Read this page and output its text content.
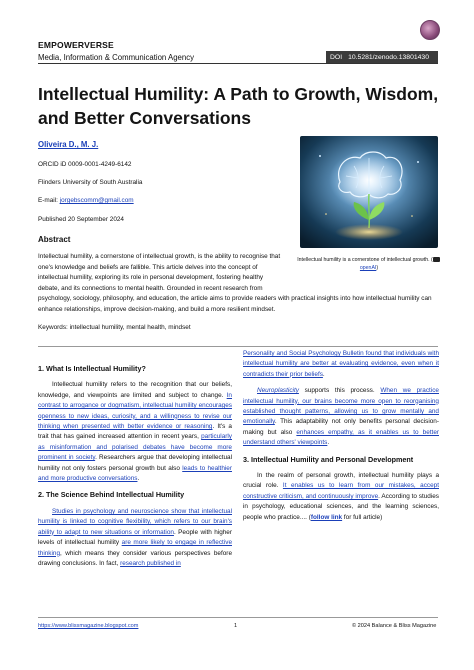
EMPOWERVERSE
Media, Information & Communication Agency	DOI 10.5281/zenodo.13801430
Intellectual Humility: A Path to Growth, Wisdom, and Better Conversations
Oliveira D., M. J.
ORCID iD 0009-0001-4249-6142
Flinders University of South Australia
E-mail: jorgebscomm@gmail.com
Published 20 September 2024
Abstract
Intellectual humility is a cornerstone of intellectual growth. (openAI)
Intellectual humility, a cornerstone of intellectual growth, is the ability to recognise that one's knowledge and beliefs are fallible. This article delves into the concept of intellectual humility, exploring its role in personal development, fostering healthy debate, and its connections to mental health. Grounded in recent research from psychology, sociology, philosophy, and education, the article aims to provide readers with practical insights into how intellectual humility can enhance relationships, improve decision-making, and build a more resilient mindset.
Keywords: intellectual humility, mental health, mindset
1. What Is Intellectual Humility?

Intellectual humility refers to the recognition that our beliefs, knowledge, and viewpoints are limited and subject to change. In contrast to arrogance or dogmatism, intellectual humility encourages openness to new ideas, curiosity, and a willingness to revise our thinking when presented with better evidence or reasoning. It's a trait that has gained increased attention in recent years, particularly as misinformation and polarised debates have become more prominent in society. Researchers argue that developing intellectual humility not only fosters personal growth but also leads to healthier and more productive conversations.

2. The Science Behind Intellectual Humility

Studies in psychology and neuroscience show that intellectual humility is linked to cognitive flexibility, which refers to our brain's ability to adapt to new situations or information. People with higher levels of intellectual humility are more likely to engage in reflective thinking, which means they consider various perspectives before drawing conclusions. In fact, research published in

Personality and Social Psychology Bulletin found that individuals with intellectual humility are better at evaluating evidence, even when it contradicts their prior beliefs.

Neuroplasticity supports this process. When we practice intellectual humility, our brains become more open to reorganising established thought patterns, allowing us to grow mentally and emotionally. This adaptability not only benefits personal decision-making but also enhances empathy, as it enables us to better understand others' viewpoints.

3. Intellectual Humility and Personal Development

In the realm of personal growth, intellectual humility plays a crucial role. It enables us to learn from our mistakes, accept constructive criticism, and continuously improve. According to studies in psychology, educational sciences, and the learning sciences, people who practice.... (follow link for full article)

https://www.blissmagazine.blogspot.com	1	© 2024 Balance & Bliss Magazine
